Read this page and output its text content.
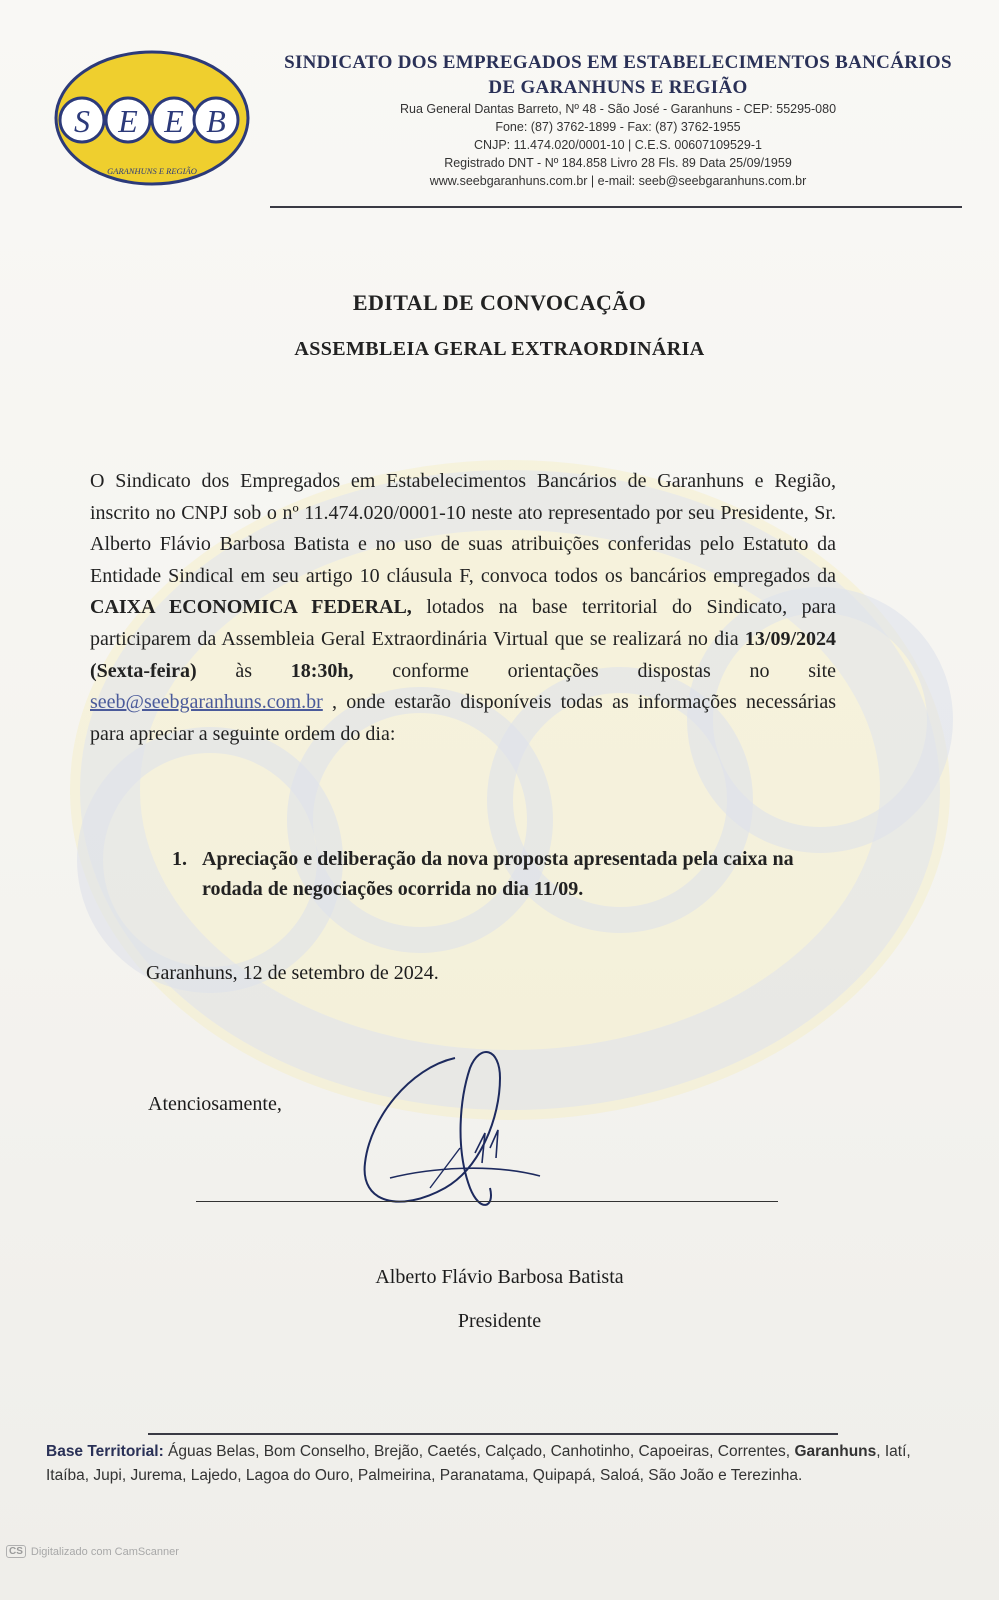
S E E B
GARANHUNS E REGIÃO
SINDICATO DOS EMPREGADOS EM ESTABELECIMENTOS BANCÁRIOS
DE GARANHUNS E REGIÃO
Rua General Dantas Barreto, Nº 48 - São José - Garanhuns - CEP: 55295-080
Fone: (87) 3762-1899 - Fax: (87) 3762-1955
CNJP: 11.474.020/0001-10 | C.E.S. 00607109529-1
Registrado DNT - Nº 184.858 Livro 28 Fls. 89 Data 25/09/1959
www.seebgaranhuns.com.br | e-mail: seeb@seebgaranhuns.com.br
EDITAL DE CONVOCAÇÃO
ASSEMBLEIA GERAL EXTRAORDINÁRIA
O Sindicato dos Empregados em Estabelecimentos Bancários de Garanhuns e Região, inscrito no CNPJ sob o nº 11.474.020/0001-10 neste ato representado por seu Presidente, Sr. Alberto Flávio Barbosa Batista e no uso de suas atribuições conferidas pelo Estatuto da Entidade Sindical em seu artigo 10 cláusula F, convoca todos os bancários empregados da CAIXA ECONOMICA FEDERAL, lotados na base territorial do Sindicato, para participarem da Assembleia Geral Extraordinária Virtual que se realizará no dia 13/09/2024 (Sexta-feira) às 18:30h, conforme orientações dispostas no site seeb@seebgaranhuns.com.br , onde estarão disponíveis todas as informações necessárias para apreciar a seguinte ordem do dia:
1. Apreciação e deliberação da nova proposta apresentada pela caixa na rodada de negociações ocorrida no dia 11/09.
Garanhuns, 12 de setembro de 2024.
Atenciosamente,
Alberto Flávio Barbosa Batista
Presidente
Base Territorial: Águas Belas, Bom Conselho, Brejão, Caetés, Calçado, Canhotinho, Capoeiras, Correntes, Garanhuns, Iatí, Itaíba, Jupi, Jurema, Lajedo, Lagoa do Ouro, Palmeirina, Paranatama, Quipapá, Saloá, São João e Terezinha.
CS Digitalizado com CamScanner
